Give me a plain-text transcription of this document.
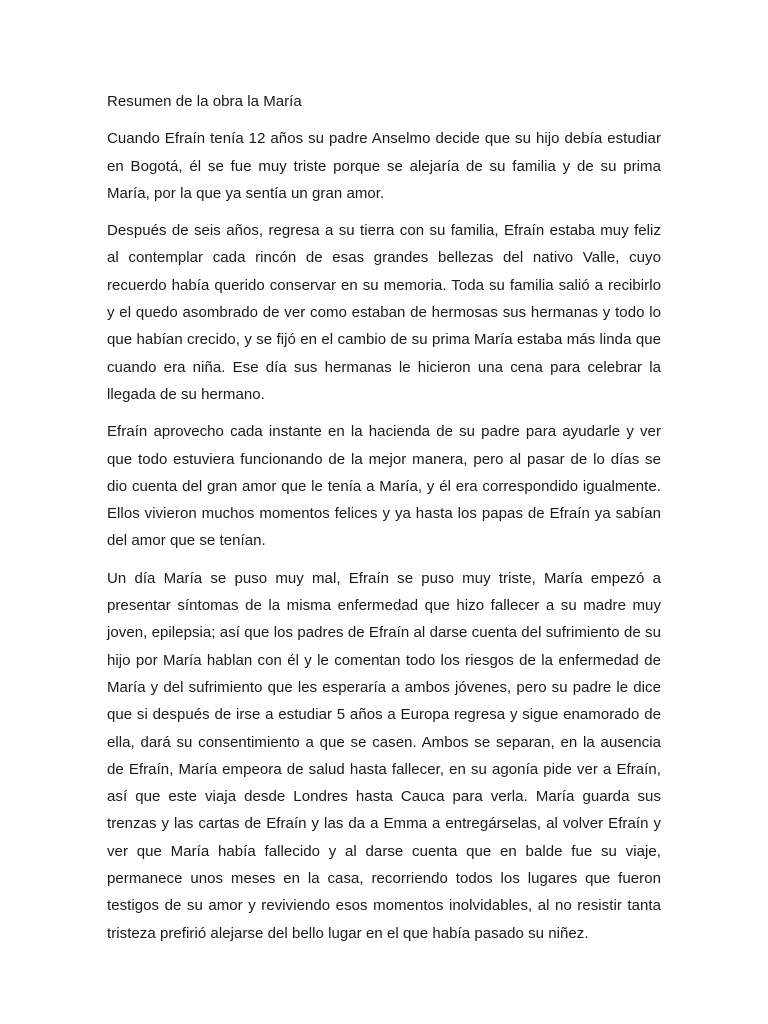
Resumen de la obra la María

Cuando Efraín tenía 12 años su padre Anselmo decide que su hijo debía estudiar en Bogotá, él se fue muy triste porque se alejaría de su familia y de su prima María, por la que ya sentía un gran amor.

Después de seis años, regresa a su tierra con su familia, Efraín estaba muy feliz al contemplar cada rincón de esas grandes bellezas del nativo Valle, cuyo recuerdo había querido conservar en su memoria. Toda su familia salió a recibirlo y el quedo asombrado de ver como estaban de hermosas sus hermanas y todo lo que habían crecido, y se fijó en el cambio de su prima María estaba más linda que cuando era niña. Ese día sus hermanas le hicieron una cena para celebrar la llegada de su hermano.

Efraín aprovecho cada instante en la hacienda de su padre para ayudarle y ver que todo estuviera funcionando de la mejor manera, pero al pasar de lo días se dio cuenta del gran amor que le tenía a María, y él era correspondido igualmente. Ellos vivieron muchos momentos felices y ya hasta los papas de Efraín ya sabían del amor que se tenían.

Un día María se puso muy mal, Efraín se puso muy triste, María empezó a presentar síntomas de la misma enfermedad que hizo fallecer a su madre muy joven, epilepsia; así que los padres de Efraín al darse cuenta del sufrimiento de su hijo por María hablan con él y le comentan todo los riesgos de la enfermedad de María y del sufrimiento que les esperaría a ambos jóvenes, pero su padre le dice que si después de irse a estudiar 5 años a Europa regresa y sigue enamorado de ella, dará su consentimiento a que se casen. Ambos se separan, en la ausencia de Efraín, María empeora de salud hasta fallecer, en su agonía pide ver a Efraín, así que este viaja desde Londres hasta Cauca para verla. María guarda sus trenzas y las cartas de Efraín y las da a Emma a entregárselas, al volver Efraín y ver que María había fallecido y al darse cuenta que en balde fue su viaje, permanece unos meses en la casa, recorriendo todos los lugares que fueron testigos de su amor y reviviendo esos momentos inolvidables, al no resistir tanta tristeza prefirió alejarse del bello lugar en el que había pasado su niñez.
